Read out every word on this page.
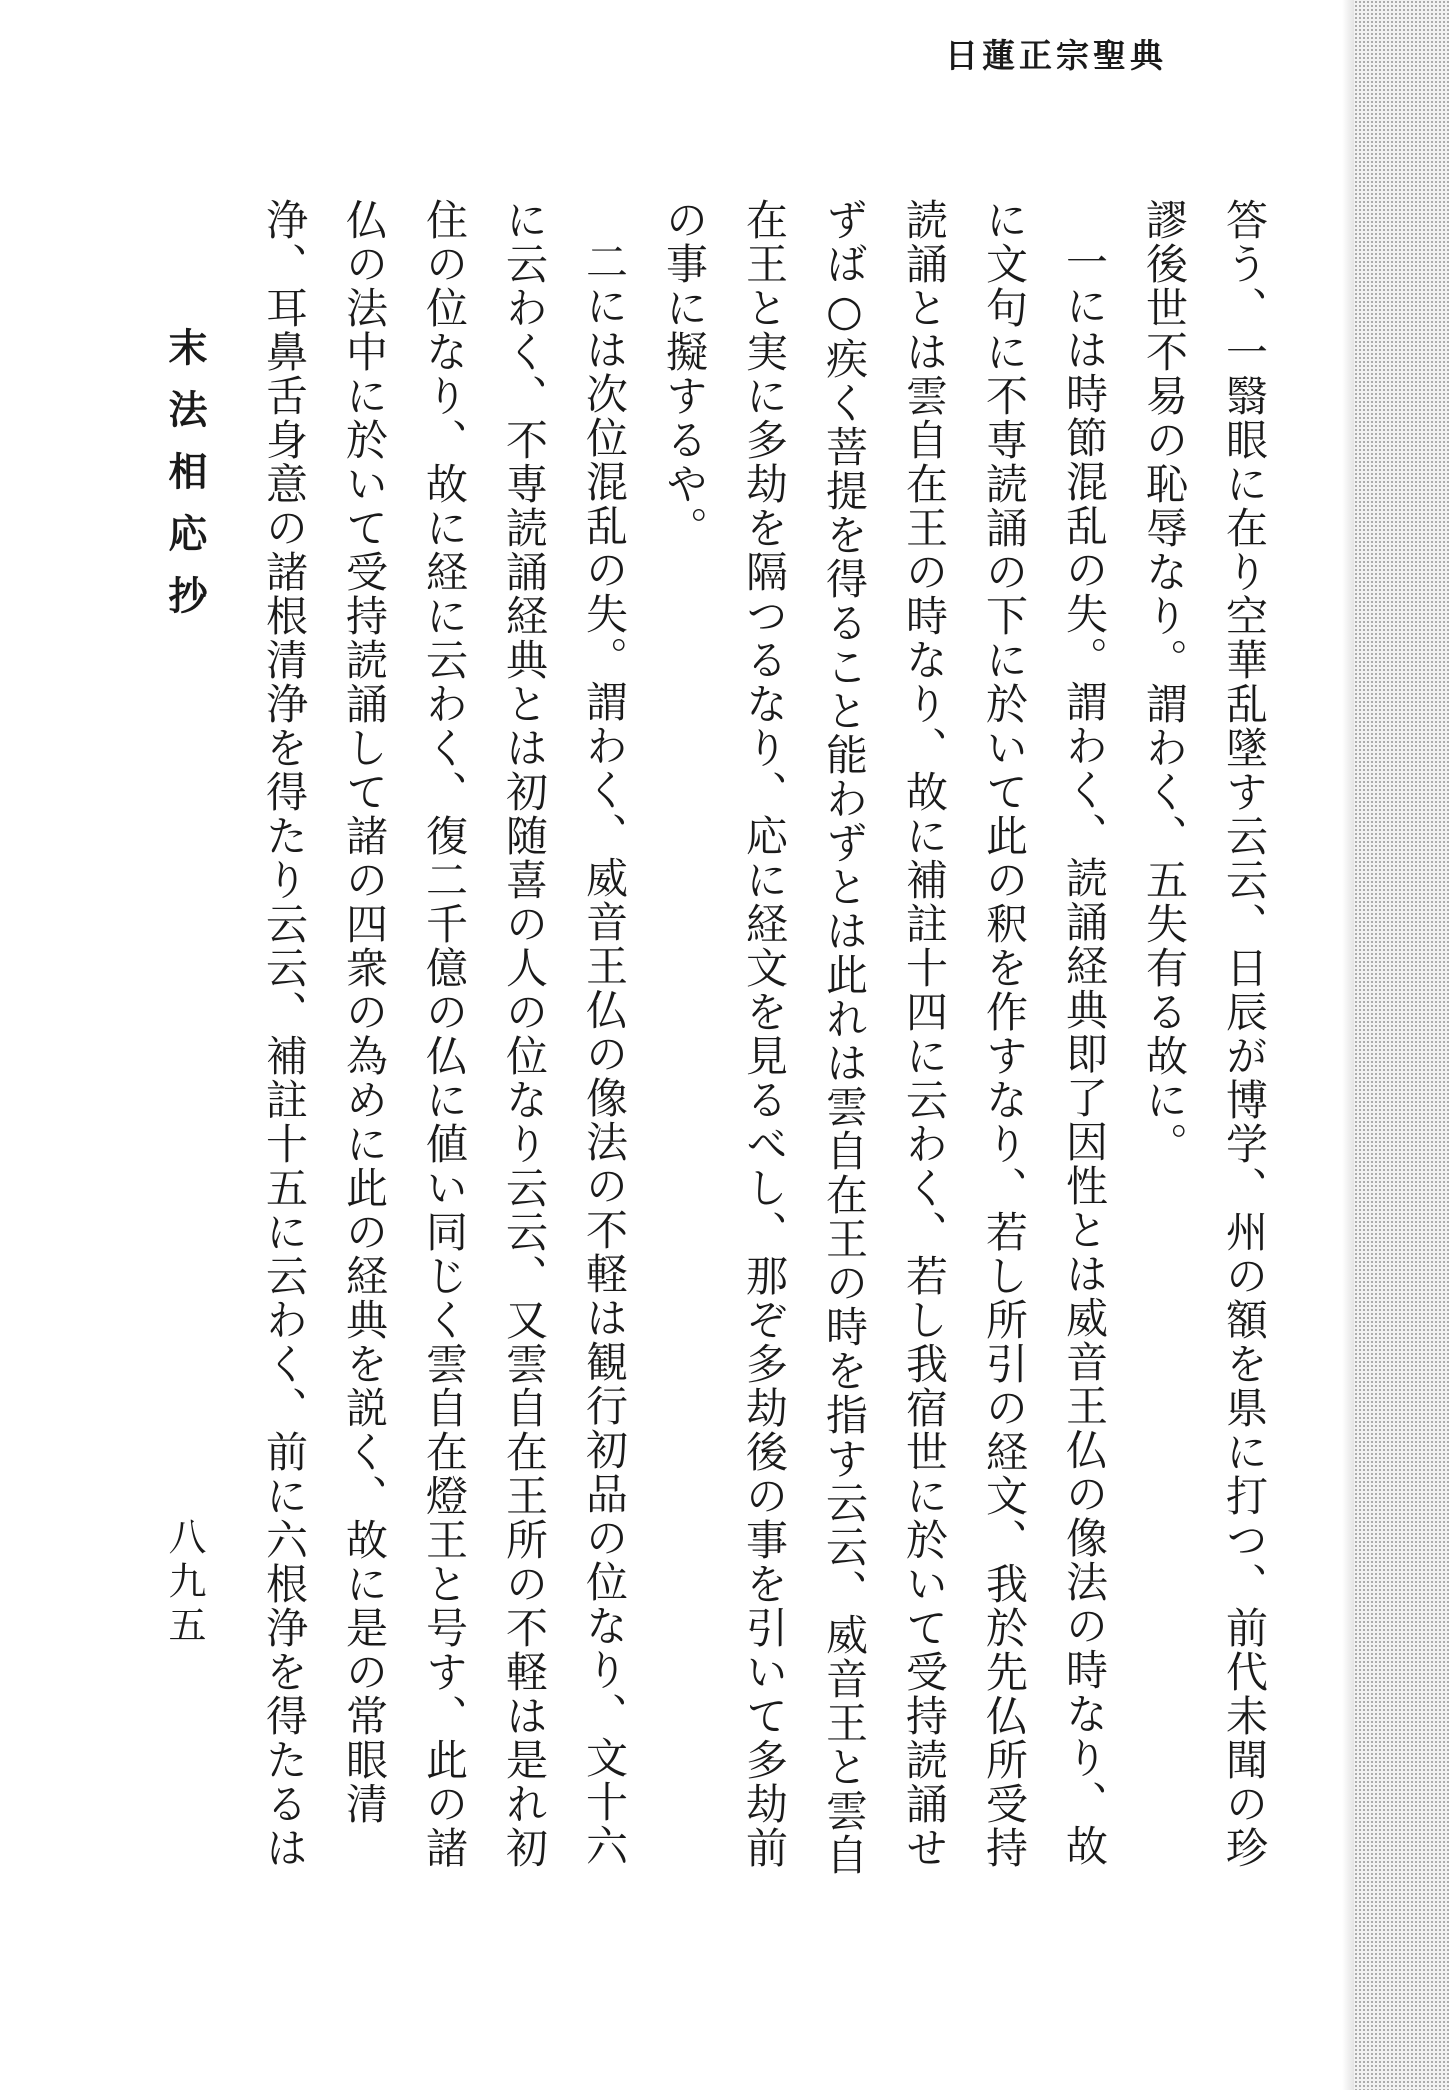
日蓮正宗聖典

答う、一翳眼に在り空華乱墜す云云、日辰が博学、州の額を県に打つ、前代未聞の珍謬後世不易の恥辱なり。謂わく、五失有る故に。

一には時節混乱の失。謂わく、読誦経典即了因性とは威音王仏の像法の時なり、故に文句に不専読誦の下に於いて此の釈を作すなり、若し所引の経文、我於先仏所受持読誦とは雲自在王の時なり、故に補註十四に云わく、若し我宿世に於いて受持読誦せずば○疾く菩提を得ること能わずとは此れは雲自在王の時を指す云云、威音王と雲自在王と実に多劫を隔つるなり、応に経文を見るべし、那ぞ多劫後の事を引いて多劫前の事に擬するや。

二には次位混乱の失。謂わく、威音王仏の像法の不軽は観行初品の位なり、文十六に云わく、不専読誦経典とは初随喜の人の位なり云云、又雲自在王所の不軽は是れ初住の位なり、故に経に云わく、復二千億の仏に値い同じく雲自在燈王と号す、此の諸仏の法中に於いて受持読誦して諸の四衆の為めに此の経典を説く、故に是の常眼清浄、耳鼻舌身意の諸根清浄を得たり云云、補註十五に云わく、前に六根浄を得たるは

末法相応抄
八九五
